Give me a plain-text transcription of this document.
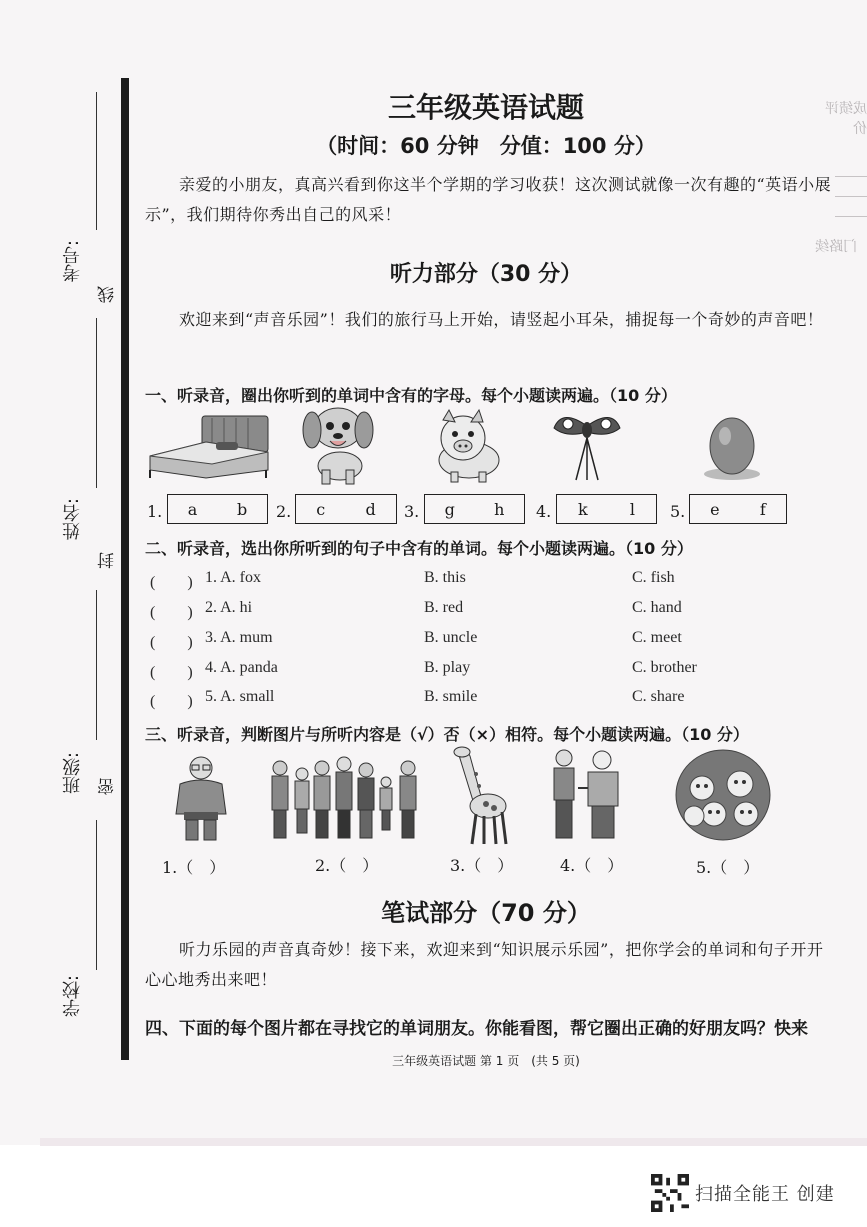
成绩评价
门路续
考号:
姓名:
班级:
学校:
线
封
密
三年级英语试题
（时间：60 分钟　分值：100 分）
亲爱的小朋友，真高兴看到你这半个学期的学习收获！这次测试就像一次有趣的“英语小展示”，我们期待你秀出自己的风采！
听力部分（30 分）
欢迎来到“声音乐园”！我们的旅行马上开始，请竖起小耳朵，捕捉每一个奇妙的声音吧！
一、听录音，圈出你听到的单词中含有的字母。每个小题读两遍。（10 分）
1. a b 2. c	d 3. g h 4. k	l 5. e	f
二、听录音，选出你所听到的句子中含有的单词。每个小题读两遍。（10 分）
(　　) 1. A. fox	B. this	C. fish
(　　) 2. A. hi	B. red	C. hand
(　　) 3. A. mum	B. uncle	C. meet
(　　) 4. A. panda	B. play	C. brother
(　　) 5. A. small	B. smile	C. share
三、听录音，判断图片与所听内容是（√）否（×）相符。每个小题读两遍。（10 分）
1.（　）	2.（　）	3.（　）	4.（　）	5.（　）
笔试部分（70 分）
听力乐园的声音真奇妙！接下来，欢迎来到“知识展示乐园”，把你学会的单词和句子开开心心地秀出来吧！
四、下面的每个图片都在寻找它的单词朋友。你能看图，帮它圈出正确的好朋友吗？快来
三年级英语试题 第 1 页　(共 5 页)
扫描全能王 创建
